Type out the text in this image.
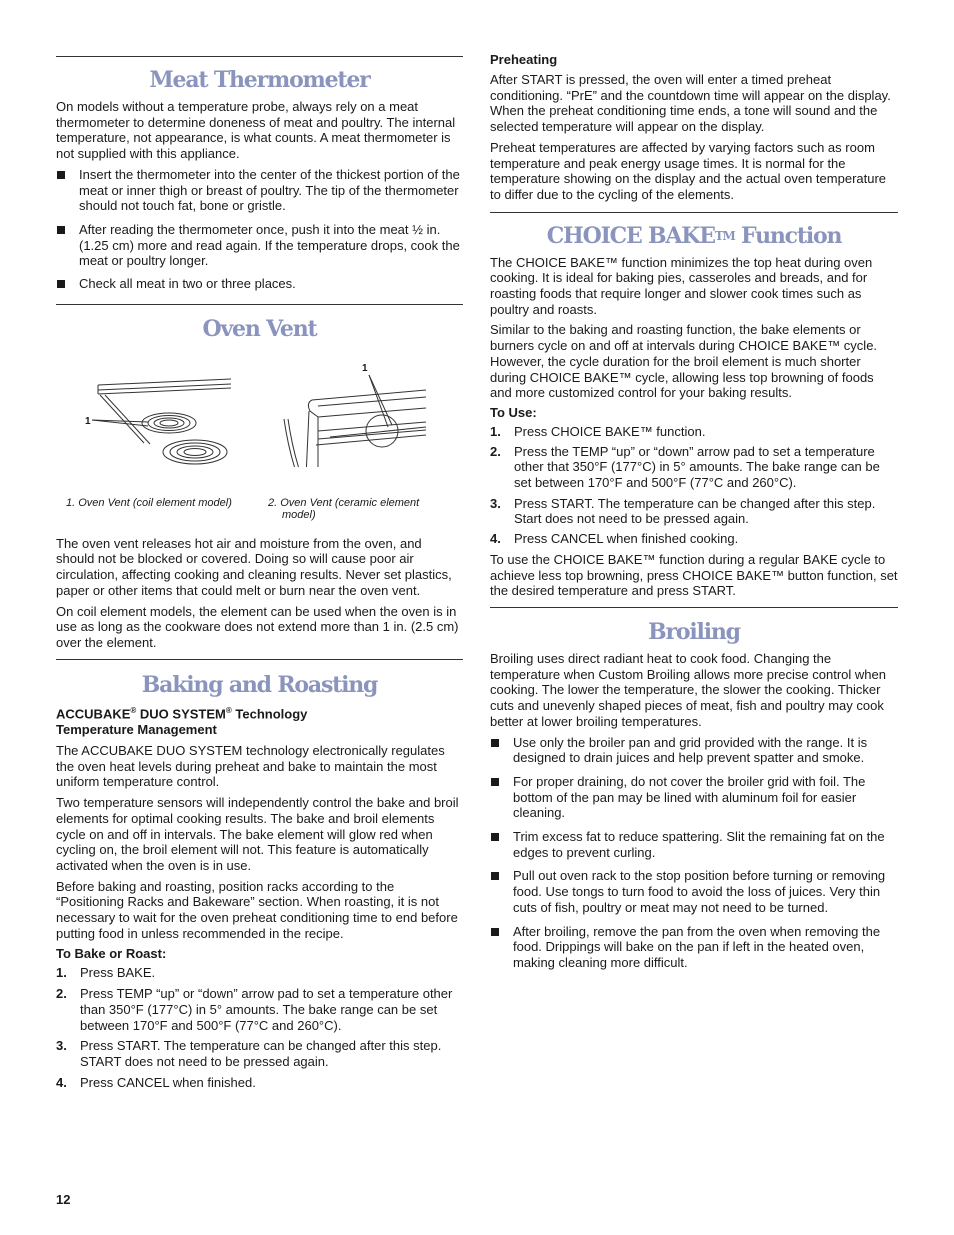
Meat Thermometer

On models without a temperature probe, always rely on a meat thermometer to determine doneness of meat and poultry. The internal temperature, not appearance, is what counts. A meat thermometer is not supplied with this appliance.

Insert the thermometer into the center of the thickest portion of the meat or inner thigh or breast of poultry. The tip of the thermometer should not touch fat, bone or gristle.
After reading the thermometer once, push it into the meat ½ in. (1.25 cm) more and read again. If the temperature drops, cook the meat or poultry longer.
Check all meat in two or three places.
Oven Vent
1
1
1. Oven Vent (coil element model)	2. Oven Vent (ceramic element
model)

The oven vent releases hot air and moisture from the oven, and should not be blocked or covered. Doing so will cause poor air circulation, affecting cooking and cleaning results. Never set plastics, paper or other items that could melt or burn near the oven vent.

On coil element models, the element can be used when the oven is in use as long as the cookware does not extend more than 1 in. (2.5 cm) over the element.

Baking and Roasting
ACCUBAKE® DUO SYSTEM® Technology
Temperature Management

The ACCUBAKE DUO SYSTEM technology electronically regulates the oven heat levels during preheat and bake to maintain the most uniform temperature control.

Two temperature sensors will independently control the bake and broil elements for optimal cooking results. The bake and broil elements cycle on and off in intervals. The bake element will glow red when cycling on, the broil element will not. This feature is automatically activated when the oven is in use.

Before baking and roasting, position racks according to the “Positioning Racks and Bakeware” section. When roasting, it is not necessary to wait for the oven preheat conditioning time to end before putting food in unless recommended in the recipe.

To Bake or Roast:
1. Press BAKE.
2. Press TEMP “up” or “down” arrow pad to set a temperature other than 350°F (177°C) in 5° amounts. The bake range can be set between 170°F and 500°F (77°C and 260°C).
3. Press START. The temperature can be changed after this step. START does not need to be pressed again.
4. Press CANCEL when finished.
Preheating

After START is pressed, the oven will enter a timed preheat conditioning. “PrE” and the countdown time will appear on the display. When the preheat conditioning time ends, a tone will sound and the selected temperature will appear on the display.

Preheat temperatures are affected by varying factors such as room temperature and peak energy usage times. It is normal for the temperature showing on the display and the actual oven temperature to differ due to the cycling of the elements.

CHOICE BAKE™ Function

The CHOICE BAKE™ function minimizes the top heat during oven cooking. It is ideal for baking pies, casseroles and breads, and for roasting foods that require longer and slower cook times such as poultry and roasts.

Similar to the baking and roasting function, the bake elements or burners cycle on and off at intervals during CHOICE BAKE™ cycle. However, the cycle duration for the broil element is much shorter during CHOICE BAKE™ cycle, allowing less top browning of foods and more customized control for your baking results.

To Use:
1. Press CHOICE BAKE™ function.
2. Press the TEMP “up” or “down” arrow pad to set a temperature other that 350°F (177°C) in 5° amounts. The bake range can be set between 170°F and 500°F (77°C and 260°C).
3. Press START. The temperature can be changed after this step. Start does not need to be pressed again.
4. Press CANCEL when finished cooking.

To use the CHOICE BAKE™ function during a regular BAKE cycle to achieve less top browning, press CHOICE BAKE™ button function, set the desired temperature and press START.

Broiling

Broiling uses direct radiant heat to cook food. Changing the temperature when Custom Broiling allows more precise control when cooking. The lower the temperature, the slower the cooking. Thicker cuts and unevenly shaped pieces of meat, fish and poultry may cook better at lower broiling temperatures.

Use only the broiler pan and grid provided with the range. It is designed to drain juices and help prevent spatter and smoke.
For proper draining, do not cover the broiler grid with foil. The bottom of the pan may be lined with aluminum foil for easier cleaning.
Trim excess fat to reduce spattering. Slit the remaining fat on the edges to prevent curling.
Pull out oven rack to the stop position before turning or removing food. Use tongs to turn food to avoid the loss of juices. Very thin cuts of fish, poultry or meat may not need to be turned.
After broiling, remove the pan from the oven when removing the food. Drippings will bake on the pan if left in the heated oven, making cleaning more difficult.
12
